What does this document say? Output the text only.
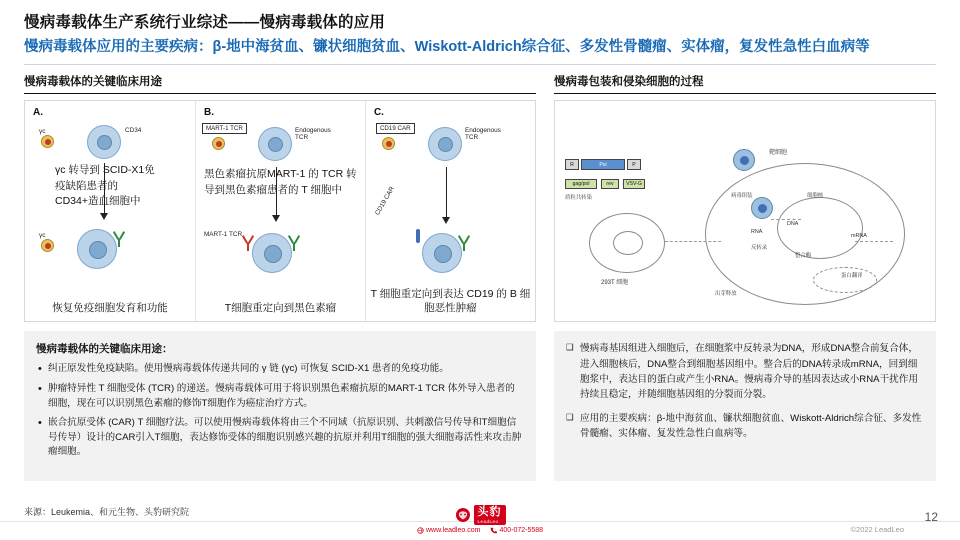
慢病毒载体生产系统行业综述——慢病毒载体的应用
慢病毒载体应用的主要疾病：β-地中海贫血、镰状细胞贫血、Wiskott-Aldrich综合征、多发性骨髓瘤、实体瘤，复发性急性白血病等
慢病毒载体的关键临床用途
A.
γc	CD34
γc 转导到 SCID-X1免疫缺陷患者的CD34+造血细胞中
γc
恢复免疫细胞发育和功能
B.
MART-1 TCR	Endogenous TCR
黑色素瘤抗原MART-1 的 TCR 转导到黑色素瘤患者的 T 细胞中
MART-1 TCR
T细胞重定向到黑色素瘤
C.
CD19 CAR	Endogenous TCR
CD19 CAR
T 细胞重定向到表达 CD19 的 B 细胞恶性肿瘤
慢病毒载体的关键临床用途：
• 纠正原发性免疫缺陷。使用慢病毒载体传递共同的 γ 链 (γc) 可恢复 SCID-X1 患者的免疫功能。
• 肿瘤特异性 T 细胞受体 (TCR) 的递送。慢病毒载体可用于将识别黑色素瘤抗原的MART-1 TCR 体外导入患者的细胞，现在可以识别黑色素瘤的修饰T细胞作为癌症治疗方式。
• 嵌合抗原受体 (CAR) T 细胞疗法。可以使用慢病毒载体将由三个不同域（抗原识别、共刺激信号传导和T细胞信号传导）设计的CAR引入T细胞，表达修饰受体的细胞识别感兴趣的抗原并利用T细胞的强大细胞毒活性来攻击肿瘤细胞。
慢病毒包装和侵染细胞的过程
R	Psi	P
gag/pol	rev	VSV-G
质粒共转染
293T 细胞
靶细胞
细胞核
RNA
反转录
DNA
整合酶
mRNA
蛋白翻译
出芽释放
病毒组装
❑ 慢病毒基因组进入细胞后，在细胞浆中反转录为DNA，形成DNA整合前复合体，进入细胞核后，DNA整合到细胞基因组中。整合后的DNA转录成mRNA，回到细胞浆中，表达目的蛋白或产生小RNA。慢病毒介导的基因表达或小RNA干扰作用持续且稳定，并随细胞基因组的分裂而分裂。
❑ 应用的主要疾病：β-地中海贫血、镰状细胞贫血、Wiskott-Aldrich综合征、多发性骨髓瘤、实体瘤、复发性急性白血病等。
来源：Leukemia、和元生物、头豹研究院	头豹
LeadLeo
www.leadleo.com	400-072-5588	©2022 LeadLeo
12
